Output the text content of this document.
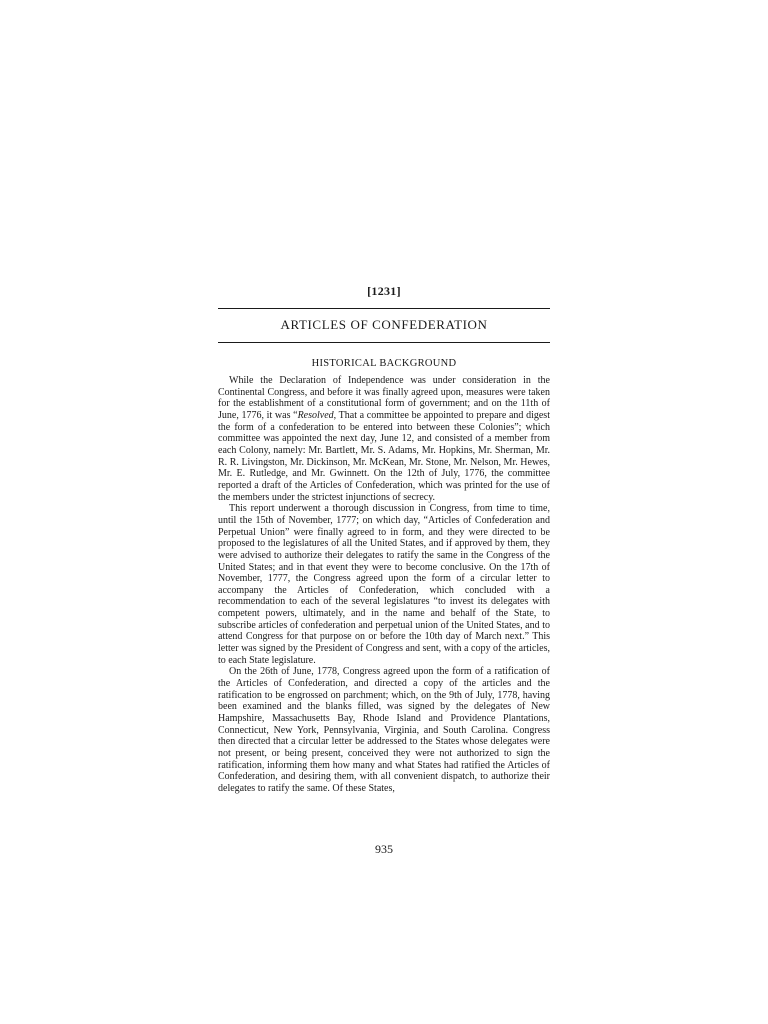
[1231]
ARTICLES OF CONFEDERATION
HISTORICAL BACKGROUND

While the Declaration of Independence was under consideration in the Continental Congress, and before it was finally agreed upon, measures were taken for the establishment of a constitutional form of government; and on the 11th of June, 1776, it was “Resolved, That a committee be appointed to prepare and digest the form of a confederation to be entered into between these Colonies”; which committee was appointed the next day, June 12, and consisted of a member from each Colony, namely: Mr. Bartlett, Mr. S. Adams, Mr. Hopkins, Mr. Sherman, Mr. R. R. Livingston, Mr. Dickinson, Mr. McKean, Mr. Stone, Mr. Nelson, Mr. Hewes, Mr. E. Rutledge, and Mr. Gwinnett. On the 12th of July, 1776, the committee reported a draft of the Articles of Confederation, which was printed for the use of the members under the strictest injunctions of secrecy.

This report underwent a thorough discussion in Congress, from time to time, until the 15th of November, 1777; on which day, “Articles of Confederation and Perpetual Union” were finally agreed to in form, and they were directed to be proposed to the legislatures of all the United States, and if approved by them, they were advised to authorize their delegates to ratify the same in the Congress of the United States; and in that event they were to become conclusive. On the 17th of November, 1777, the Congress agreed upon the form of a circular letter to accompany the Articles of Confederation, which concluded with a recommendation to each of the several legislatures “to invest its delegates with competent powers, ultimately, and in the name and behalf of the State, to subscribe articles of confederation and perpetual union of the United States, and to attend Congress for that purpose on or before the 10th day of March next.” This letter was signed by the President of Congress and sent, with a copy of the articles, to each State legislature.

On the 26th of June, 1778, Congress agreed upon the form of a ratification of the Articles of Confederation, and directed a copy of the articles and the ratification to be engrossed on parchment; which, on the 9th of July, 1778, having been examined and the blanks filled, was signed by the delegates of New Hampshire, Massachusetts Bay, Rhode Island and Providence Plantations, Connecticut, New York, Pennsylvania, Virginia, and South Carolina. Congress then directed that a circular letter be addressed to the States whose delegates were not present, or being present, conceived they were not authorized to sign the ratification, informing them how many and what States had ratified the Articles of Confederation, and desiring them, with all convenient dispatch, to authorize their delegates to ratify the same. Of these States,

935
